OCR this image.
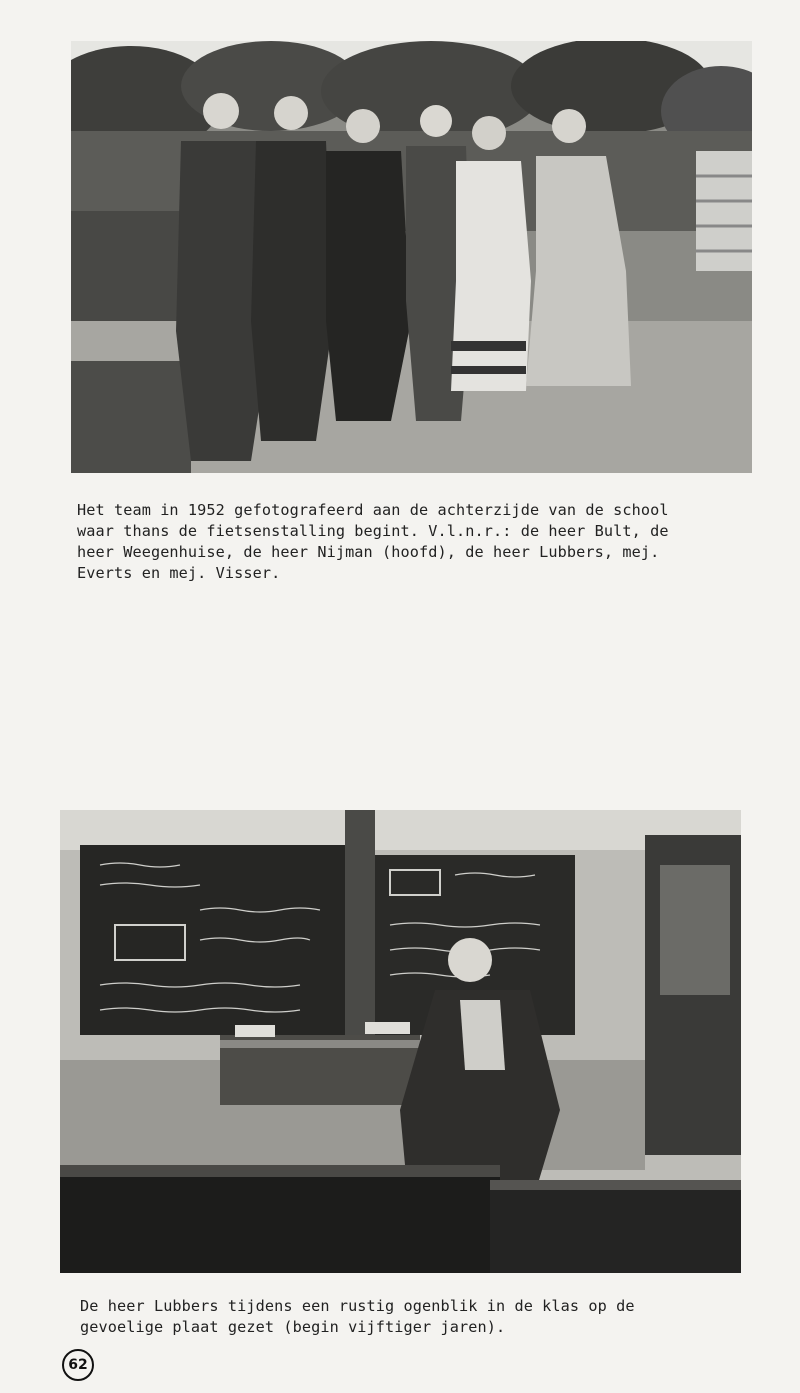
Het team in 1952 gefotografeerd aan de achterzijde van de school
waar thans de fietsenstalling begint. V.l.n.r.: de heer Bult, de
heer Weegenhuise, de heer Nijman (hoofd), de heer Lubbers, mej.
Everts en mej. Visser.

De heer Lubbers tijdens een rustig ogenblik in de klas op de
gevoelige plaat gezet (begin vijftiger jaren).

62
